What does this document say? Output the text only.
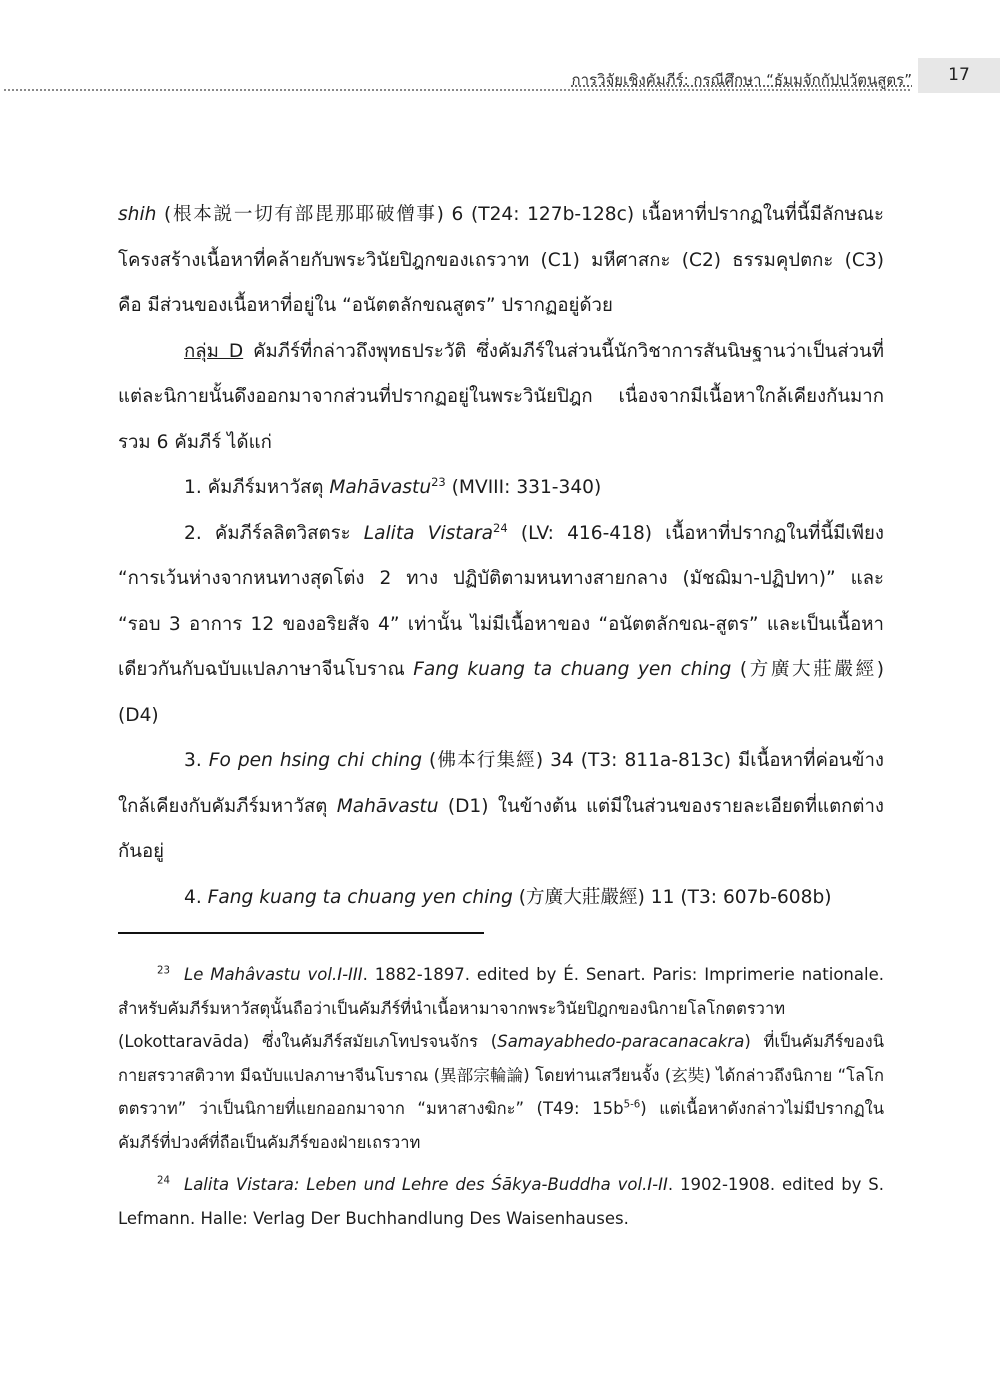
การวิจัยเชิงคัมภีร์: กรณีศึกษา “ธัมมจักกัปปวัตนสูตร”	17

shih (根本説一切有部毘那耶破僧事) 6 (T24: 127b-128c) เนื้อหาที่ปรากฏในที่นี้มีลักษณะโครงสร้างเนื้อหาที่คล้ายกับพระวินัยปิฎกของเถรวาท (C1) มหีศาสกะ (C2) ธรรมคุปตกะ (C3) คือ มีส่วนของเนื้อหาที่อยู่ใน “อนัตตลักขณสูตร” ปรากฏอยู่ด้วย

กลุ่ม D คัมภีร์ที่กล่าวถึงพุทธประวัติ ซึ่งคัมภีร์ในส่วนนี้นักวิชาการสันนิษฐานว่าเป็นส่วนที่แต่ละนิกายนั้นดึงออกมาจากส่วนที่ปรากฏอยู่ในพระวินัยปิฎก เนื่องจากมีเนื้อหาใกล้เคียงกันมาก รวม 6 คัมภีร์ ได้แก่

1. คัมภีร์มหาวัสตุ Mahāvastu$^{23}$ (MVIII: 331-340)

2. คัมภีร์ลลิตวิสตระ Lalita Vistara$^{24}$ (LV: 416-418) เนื้อหาที่ปรากฏในที่นี้มีเพียง “การเว้นห่างจากหนทางสุดโต่ง 2 ทาง ปฏิบัติตามหนทางสายกลาง (มัชฌิมา-ปฏิปทา)” และ “รอบ 3 อาการ 12 ของอริยสัจ 4” เท่านั้น ไม่มีเนื้อหาของ “อนัตตลักขณ-สูตร” และเป็นเนื้อหาเดียวกันกับฉบับแปลภาษาจีนโบราณ Fang kuang ta chuang yen ching (方廣大莊嚴經) (D4)

3. Fo pen hsing chi ching (佛本行集經) 34 (T3: 811a-813c) มีเนื้อหาที่ค่อนข้างใกล้เคียงกับคัมภีร์มหาวัสตุ Mahāvastu (D1) ในข้างต้น แต่มีในส่วนของรายละเอียดที่แตกต่างกันอยู่

4. Fang kuang ta chuang yen ching (方廣大莊嚴經) 11 (T3: 607b-608b)

$^{23}$ Le Mahâvastu vol.I-III. 1882-1897. edited by É. Senart. Paris: Imprimerie nationale. สำหรับคัมภีร์มหาวัสตุนั้นถือว่าเป็นคัมภีร์ที่นำเนื้อหามาจากพระวินัยปิฎกของนิกายโลโกตตรวาท (Lokottaravāda) ซึ่งในคัมภีร์สมัยเภโทปรจนจักร (Samayabhedo-paracanacakra) ที่เป็นคัมภีร์ของนิกายสรวาสติวาท มีฉบับแปลภาษาจีนโบราณ (異部宗輪論) โดยท่านเสวียนจั้ง (玄奘) ได้กล่าวถึงนิกาย “โลโกตตรวาท” ว่าเป็นนิกายที่แยกออกมาจาก “มหาสางฆิกะ” (T49: $15b^{5-6}$) แต่เนื้อหาดังกล่าวไม่มีปรากฏในคัมภีร์ที่ปวงศ์ที่ถือเป็นคัมภีร์ของฝ่ายเถรวาท

$^{24}$ Lalita Vistara: Leben und Lehre des Śākya-Buddha vol.I-II. 1902-1908. edited by S. Lefmann. Halle: Verlag Der Buchhandlung Des Waisenhauses.
